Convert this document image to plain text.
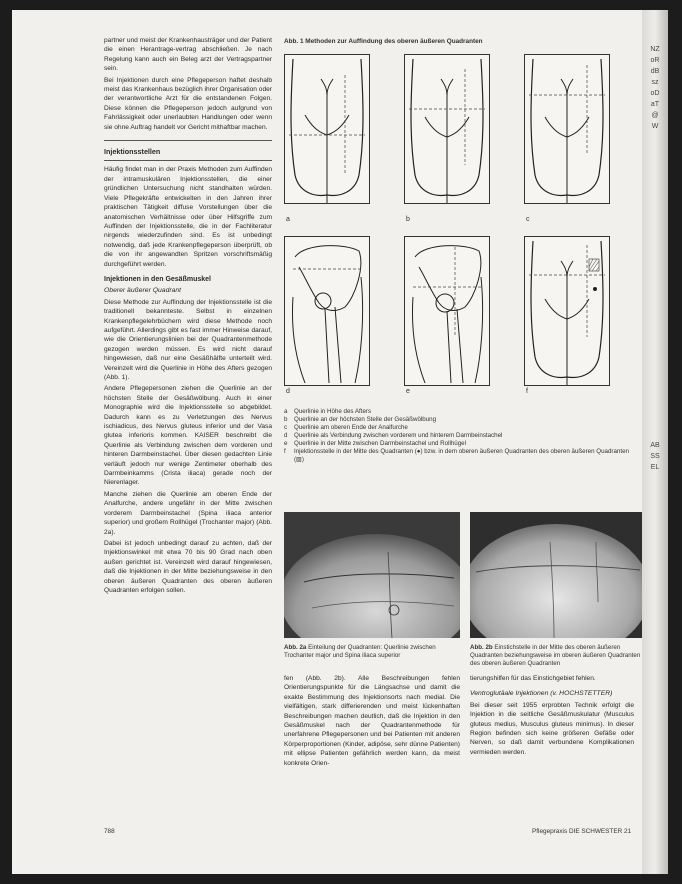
partner und meist der Krankenhausträger und der Patient die einen Herantrage-vertrag abschließen. Je nach Regelung kann auch ein Beleg arzt der Vertragspartner sein.

Bei Injektionen durch eine Pflegeperson haftet deshalb meist das Krankenhaus bezüglich ihrer Organisation oder der verantwortliche Arzt für die entstandenen Folgen. Diese können die Pflegeperson jedoch aufgrund von Fahrlässigkeit oder unerlaubten Handlungen oder wenn sie ohne Auftrag handelt vor Gericht mithaftbar machen.

Injektionsstellen

Häufig findet man in der Praxis Methoden zum Auffinden der intramuskulären Injektionsstellen, die einer gründlichen Untersuchung nicht standhalten würden. Viele Pflegekräfte entwickelten in den Jahren ihrer praktischen Tätigkeit diffuse Vorstellungen über die anatomischen Verhältnisse oder über Hilfsgriffe zum Auffinden der Injektionsstelle, die in der Fachliteratur nirgends wiederzufinden sind. Es ist unbedingt notwendig, daß jede Krankenpflegeperson überprüft, ob die von ihr angewandten Spritzen vorschriftsmäßig durchgeführt werden.

Injektionen in den Gesäßmuskel
Oberer äußerer Quadrant

Diese Methode zur Auffindung der Injektionsstelle ist die traditionell bekannteste. Selbst in einzelnen Krankenpflegelehrbüchern wird diese Methode noch aufgeführt. Allerdings gibt es fast immer Hinweise darauf, wie die Orientierungslinien bei der Quadrantenmethode gezogen werden müssen. Es wird nicht darauf hingewiesen, daß nur eine Gesäßhälfte unterteilt wird. Vereinzelt wird die Querlinie in Höhe des Afters gezogen (Abb. 1).

Andere Pflegepersonen ziehen die Querlinie an der höchsten Stelle der Gesäßwölbung. Auch in einer Monographie wird die Injektionsstelle so abgebildet. Dadurch kann es zu Verletzungen des Nervus ischiadicus, des Nervus gluteus inferior und der Vasa glutea inferioris kommen. KAISER beschreibt die Querlinie als Verbindung zwischen dem vorderen und hinteren Darmbeinstachel. Über diesen gedachten Linie verläuft jedoch nur wenige Zentimeter oberhalb des Darmbeinkamms (Crista iliaca) gerade noch der Nierenlager.

Manche ziehen die Querlinie am oberen Ende der Analfurche, andere ungefähr in der Mitte zwischen vorderem Darmbeinstachel (Spina iliaca anterior superior) und großem Rollhügel (Trochanter major) (Abb. 2a).

Dabei ist jedoch unbedingt darauf zu achten, daß der Injektionswinkel mit etwa 70 bis 90 Grad nach oben außen gerichtet ist. Vereinzelt wird darauf hingewiesen, daß die Injektionen in der Mitte beziehungsweise in den oberen äußeren Quadranten des oberen äußeren Quadranten erfolgen sollen.

788
Abb. 1 Methoden zur Auffindung des oberen äußeren Quadranten
a	b	c
d	e	f
a	Querlinie in Höhe des Afters
b	Querlinie an der höchsten Stelle der Gesäßwölbung
c	Querlinie am oberen Ende der Analfurche
d	Querlinie als Verbindung zwischen vorderem und hinterem Darmbeinstachel
e	Querlinie in der Mitte zwischen Darmbeinstachel und Rollhügel
f	Injektionsstelle in der Mitte des Quadranten (●) bzw. in dem oberen äußeren Quadranten des oberen äußeren Quadranten (▨)
Abb. 2a Einteilung der Quadranten: Querlinie zwischen Trochanter major und Spina iliaca superior
Abb. 2b Einstichstelle in der Mitte des oberen äußeren Quadranten beziehungsweise im oberen äußeren Quadranten des oberen äußeren Quadranten

fen (Abb. 2b). Alle Beschreibungen fehlen Orientierungspunkte für die Längsachse und damit die exakte Bestimmung des Injektionsorts nach medial. Die vielfältigen, stark differierenden und meist lückenhaften Beschreibungen machen deutlich, daß die Injektion in den Gesäßmuskel nach der Quadrantenmethode für unerfahrene Pflegepersonen und bei Patienten mit anderen Körperproportionen (Kinder, adipöse, sehr dünne Patienten) mit ellipse Patienten gefährlich werden kann, da meist konkrete Orien-

tierungshilfen für das Einstichgebiet fehlen.

Ventroglutäale Injektionen (v. HOCHSTETTER)

Bei dieser seit 1955 erprobten Technik erfolgt die Injektion in die seitliche Gesäßmuskulatur (Musculus gluteus medius, Musculus gluteus minimus). In dieser Region befinden sich keine größeren Gefäße oder Nerven, so daß damit verbundene Komplikationen vermieden werden.

Pflegepraxis DIE SCHWESTER 21
NZoRdBszoDaT@W
ABSSEL
